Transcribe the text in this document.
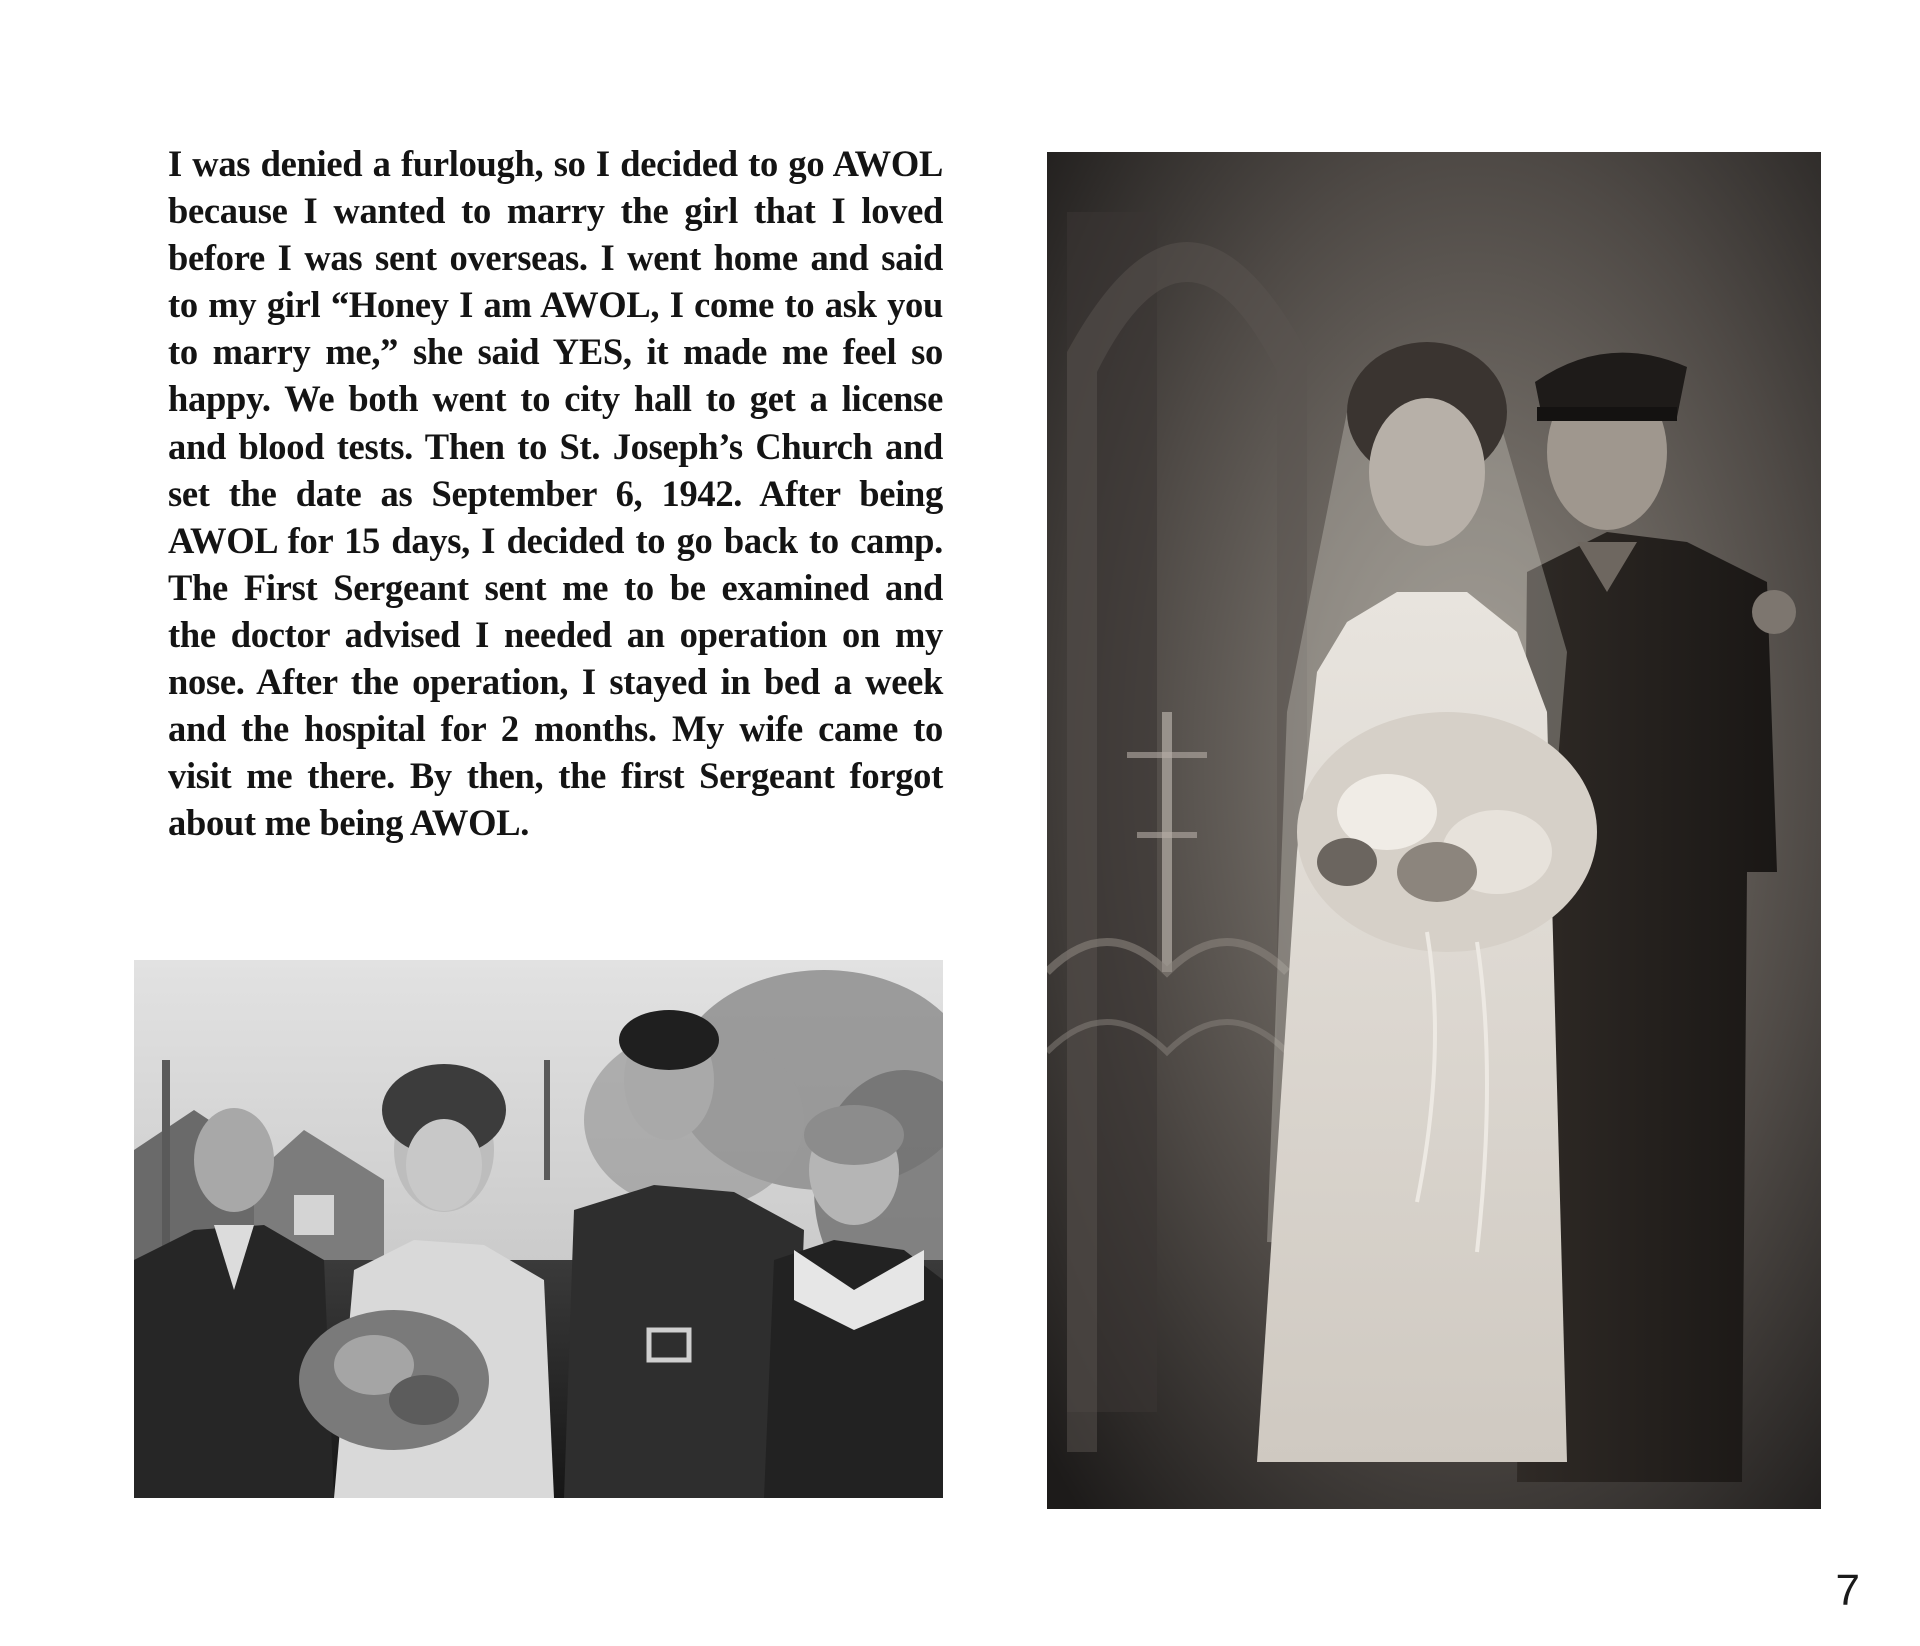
I was denied a furlough, so I decided to go AWOL because I wanted to marry the girl that I loved before I was sent overseas. I went home and said to my girl “Honey I am AWOL, I come to ask you to marry me,” she said YES, it made me feel so happy. We both went to city hall to get a license and blood tests. Then to St. Joseph’s Church and set the date as September 6, 1942. After being AWOL for 15 days, I decided to go back to camp. The First Sergeant sent me to be examined and the doctor advised I needed an operation on my nose. After the operation, I stayed in bed a week and the hospital for 2 months. My wife came to visit me there. By then, the first Sergeant forgot about me being AWOL.

7
